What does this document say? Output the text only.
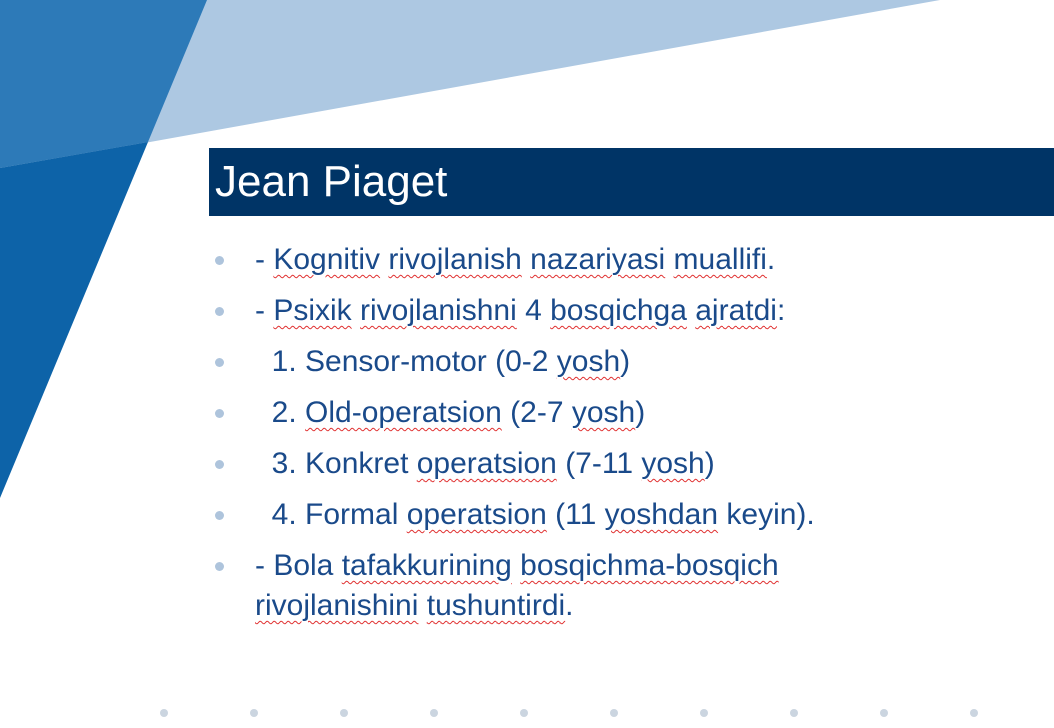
Jean Piaget
- Kognitiv rivojlanish nazariyasi muallifi.
- Psixik rivojlanishni 4 bosqichga ajratdi:
1. Sensor-motor (0-2 yosh)
2. Old-operatsion (2-7 yosh)
3. Konkret operatsion (7-11 yosh)
4. Formal operatsion (11 yoshdan keyin).
- Bola tafakkurining bosqichma-bosqich
rivojlanishini tushuntirdi.
